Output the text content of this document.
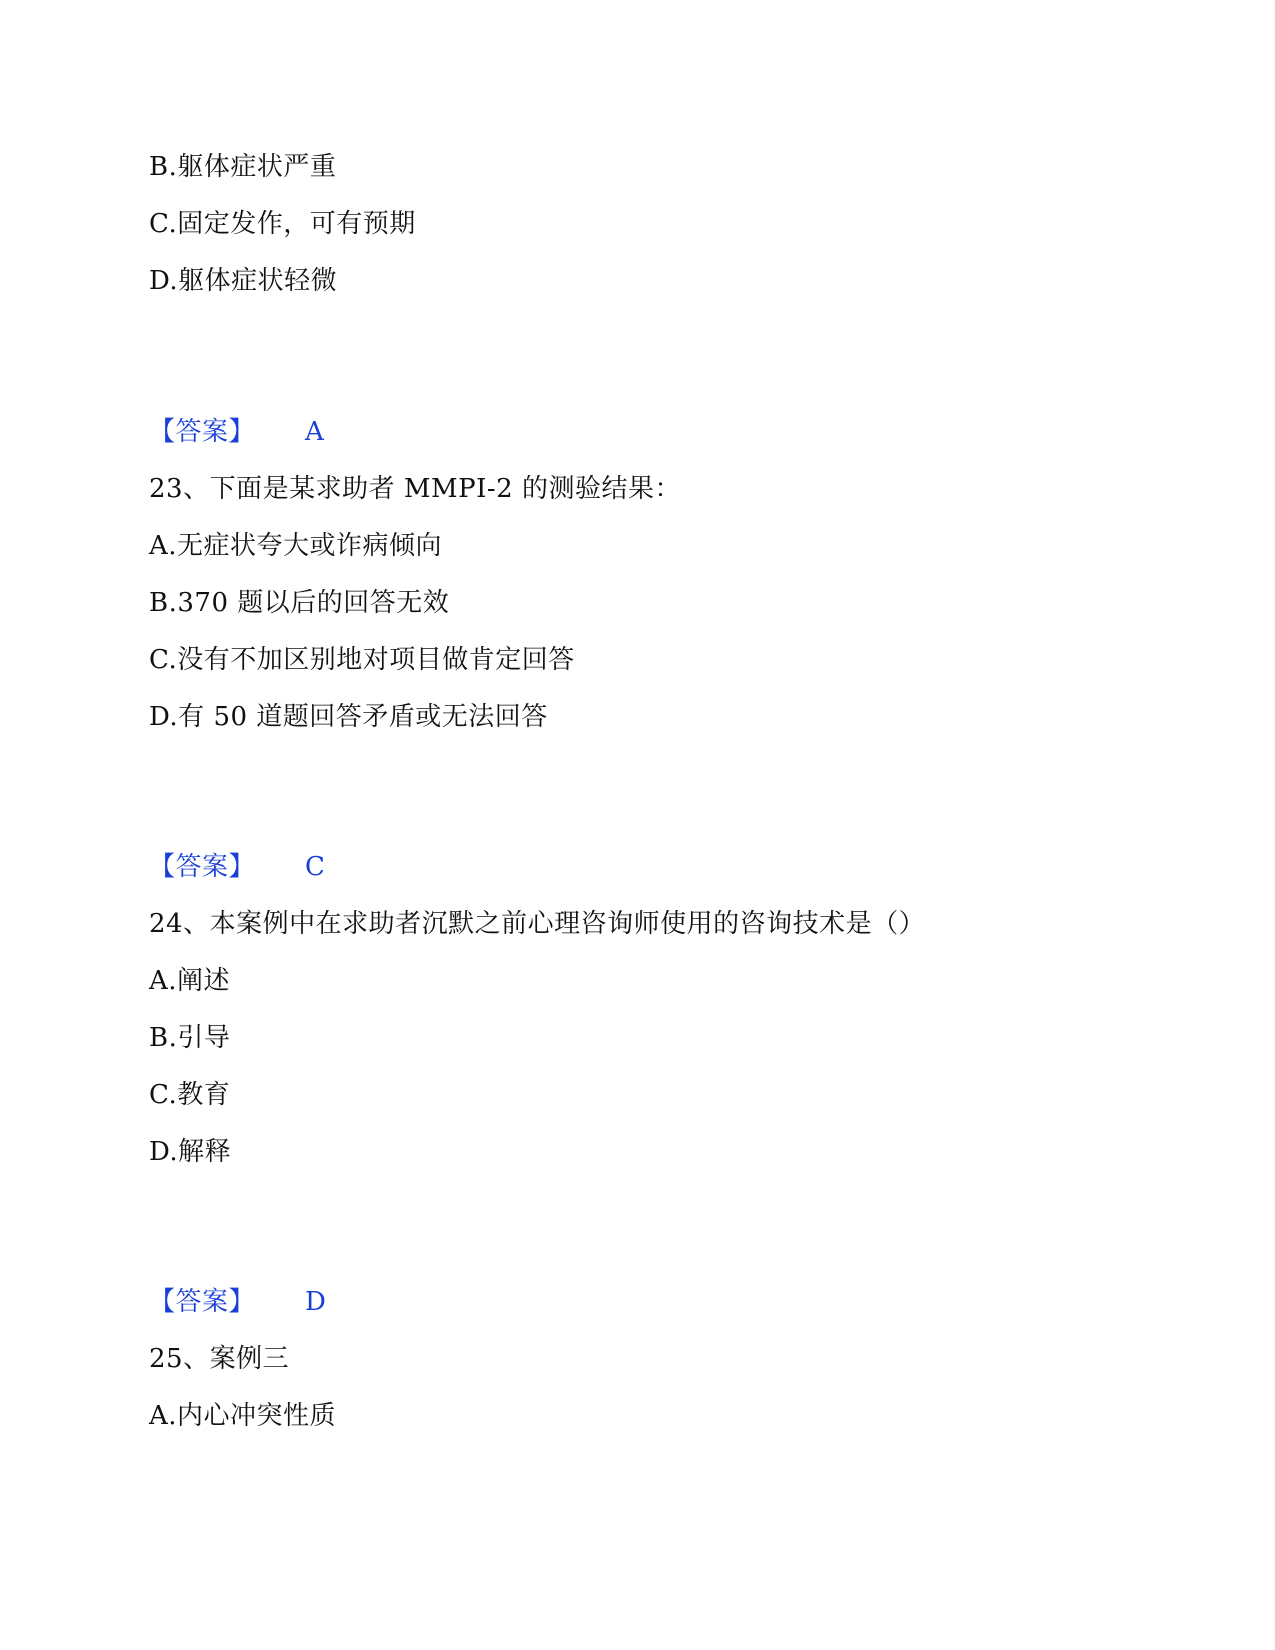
B.躯体症状严重
C.固定发作，可有预期
D.躯体症状轻微
【答案】 A
23、下面是某求助者 MMPI-2 的测验结果：
A.无症状夸大或诈病倾向
B.370 题以后的回答无效
C.没有不加区别地对项目做肯定回答
D.有 50 道题回答矛盾或无法回答
【答案】 C
24、本案例中在求助者沉默之前心理咨询师使用的咨询技术是（）
A.阐述
B.引导
C.教育
D.解释
【答案】 D
25、案例三
A.内心冲突性质
